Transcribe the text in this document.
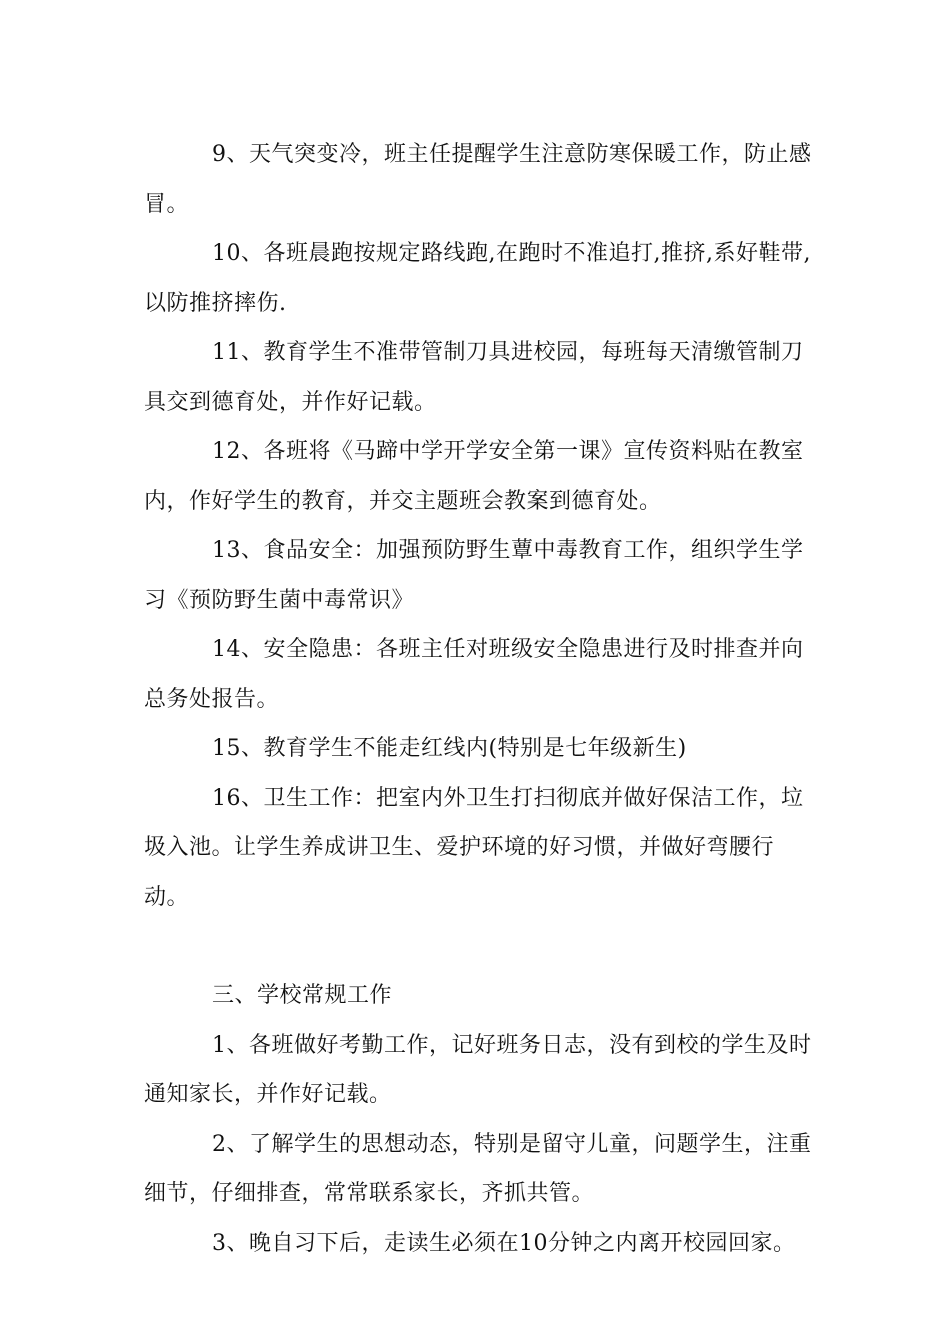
9、天气突变冷，班主任提醒学生注意防寒保暖工作，防止感冒。

10、各班晨跑按规定路线跑,在跑时不准追打,推挤,系好鞋带,以防推挤摔伤.

11、教育学生不准带管制刀具进校园，每班每天清缴管制刀具交到德育处，并作好记载。

12、各班将《马蹄中学开学安全第一课》宣传资料贴在教室内，作好学生的教育，并交主题班会教案到德育处。

13、食品安全：加强预防野生蕈中毒教育工作，组织学生学习《预防野生菌中毒常识》

14、安全隐患：各班主任对班级安全隐患进行及时排查并向总务处报告。

15、教育学生不能走红线内(特别是七年级新生)

16、卫生工作：把室内外卫生打扫彻底并做好保洁工作，垃圾入池。让学生养成讲卫生、爱护环境的好习惯，并做好弯腰行动。

三、学校常规工作

1、各班做好考勤工作，记好班务日志，没有到校的学生及时通知家长，并作好记载。

2、了解学生的思想动态，特别是留守儿童，问题学生，注重细节，仔细排查，常常联系家长，齐抓共管。

3、晚自习下后，走读生必须在10分钟之内离开校园回家。
